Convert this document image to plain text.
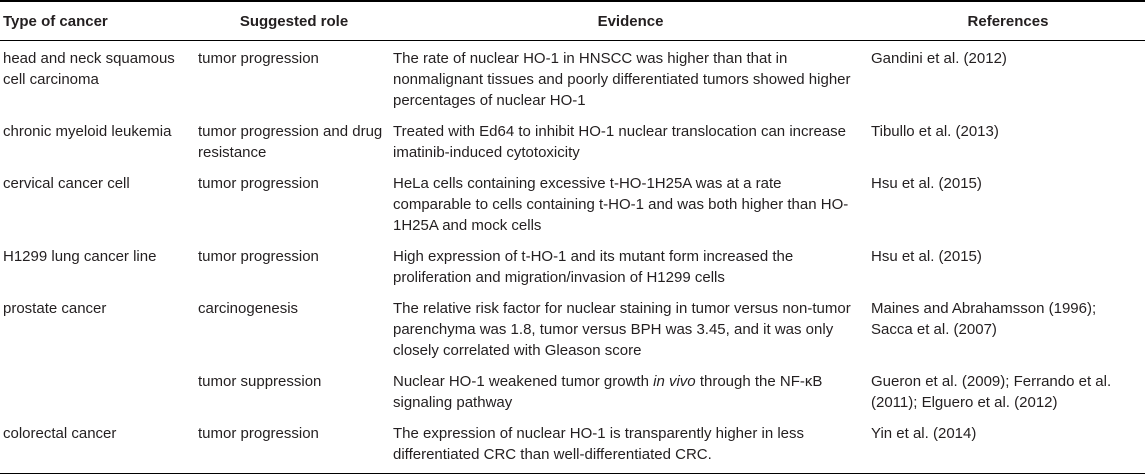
Type of cancer	Suggested role	Evidence	References
head and neck squamous cell carcinoma	tumor progression	The rate of nuclear HO-1 in HNSCC was higher than that in nonmalignant tissues and poorly differentiated tumors showed higher percentages of nuclear HO-1	Gandini et al. (2012)
chronic myeloid leukemia	tumor progression and drug resistance	Treated with Ed64 to inhibit HO-1 nuclear translocation can increase imatinib-induced cytotoxicity	Tibullo et al. (2013)
cervical cancer cell	tumor progression	HeLa cells containing excessive t-HO-1H25A was at a rate comparable to cells containing t-HO-1 and was both higher than HO-1H25A and mock cells	Hsu et al. (2015)
H1299 lung cancer line	tumor progression	High expression of t-HO-1 and its mutant form increased the proliferation and migration/invasion of H1299 cells	Hsu et al. (2015)
prostate cancer	carcinogenesis	The relative risk factor for nuclear staining in tumor versus non-tumor parenchyma was 1.8, tumor versus BPH was 3.45, and it was only closely correlated with Gleason score	Maines and Abrahamsson (1996); Sacca et al. (2007)
	tumor suppression	Nuclear HO-1 weakened tumor growth in vivo through the NF-κB signaling pathway	Gueron et al. (2009); Ferrando et al. (2011); Elguero et al. (2012)
colorectal cancer	tumor progression	The expression of nuclear HO-1 is transparently higher in less differentiated CRC than well-differentiated CRC.	Yin et al. (2014)
